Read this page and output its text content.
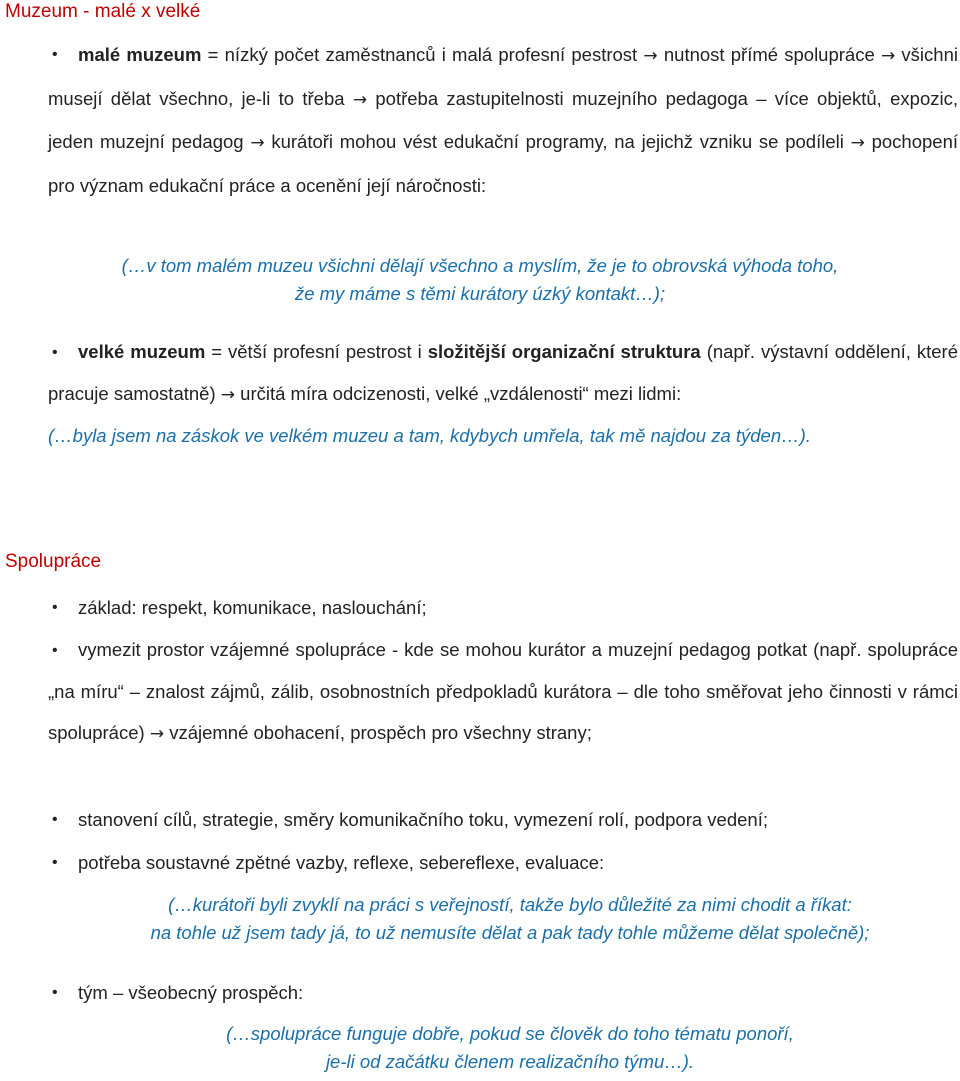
Muzeum - malé x velké
•	malé muzeum = nízký počet zaměstnanců i malá profesní pestrost → nutnost přímé spolupráce → všichni musejí dělat všechno, je-li to třeba → potřeba zastupitelnosti muzejního pedagoga – více objektů, expozic, jeden muzejní pedagog → kurátoři mohou vést edukační programy, na jejichž vzniku se podíleli → pochopení pro význam edukační práce a ocenění její náročnosti:
(…v tom malém muzeu všichni dělají všechno a myslím, že je to obrovská výhoda toho,
že my máme s těmi kurátory úzký kontakt…);
•	velké muzeum = větší profesní pestrost i složitější organizační struktura (např. výstavní oddělení, které pracuje samostatně) → určitá míra odcizenosti, velké „vzdálenosti“ mezi lidmi:
(…byla jsem na záskok ve velkém muzeu a tam, kdybych umřela, tak mě najdou za týden…).
Spolupráce
• základ: respekt, komunikace, naslouchání;
•	vymezit prostor vzájemné spolupráce - kde se mohou kurátor a muzejní pedagog potkat (např. spolupráce „na míru“ – znalost zájmů, zálib, osobnostních předpokladů kurátora – dle toho směřovat jeho činnosti v rámci spolupráce) → vzájemné obohacení, prospěch pro všechny strany;
• stanovení cílů, strategie, směry komunikačního toku, vymezení rolí, podpora vedení;
• potřeba soustavné zpětné vazby, reflexe, sebereflexe, evaluace:
(…kurátoři byli zvyklí na práci s veřejností, takže bylo důležité za nimi chodit a říkat:
na tohle už jsem tady já, to už nemusíte dělat a pak tady tohle můžeme dělat společně);
• tým – všeobecný prospěch:
(…spolupráce funguje dobře, pokud se člověk do toho tématu ponoří,
je-li od začátku členem realizačního týmu…).
